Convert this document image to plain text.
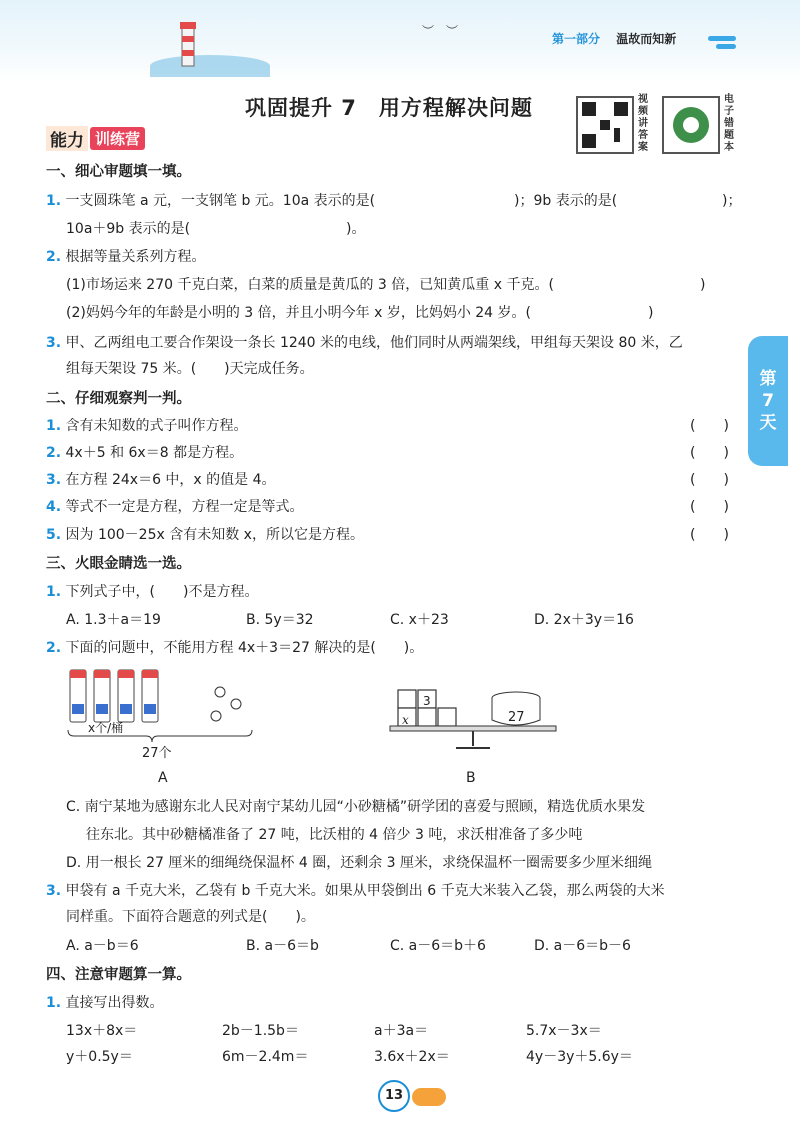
︶　︶
第一部分 温故而知新
巩固提升 7　用方程解决问题	视频讲答案
电子错题本
能力 训练营
一、细心审题填一填。
1. 一支圆珠笔 a 元，一支钢笔 b 元。10a 表示的是(	)；9b 表示的是(	)；
10a＋9b 表示的是(	)。
2. 根据等量关系列方程。
(1)市场运来 270 千克白菜，白菜的质量是黄瓜的 3 倍，已知黄瓜重 x 千克。(	)
(2)妈妈今年的年龄是小明的 3 倍，并且小明今年 x 岁，比妈妈小 24 岁。(	)
3. 甲、乙两组电工要合作架设一条长 1240 米的电线，他们同时从两端架线，甲组每天架设 80 米，乙
组每天架设 75 米。(　　)天完成任务。	第
7
天
二、仔细观察判一判。
1. 含有未知数的式子叫作方程。	(　　)
2. 4x＋5 和 6x＝8 都是方程。	(　　)
3. 在方程 24x＝6 中，x 的值是 4。	(　　)
4. 等式不一定是方程，方程一定是等式。	(　　)
5. 因为 100－25x 含有未知数 x，所以它是方程。	(　　)
三、火眼金睛选一选。
1. 下列式子中，(　　)不是方程。
A. 1.3＋a＝19	B. 5y＝32	C. x＋23	D. 2x＋3y＝16
2. 下面的问题中，不能用方程 4x＋3＝27 解决的是(　　)。
x个/桶
27个
A
x
3
27
B
C. 南宁某地为感谢东北人民对南宁某幼儿园“小砂糖橘”研学团的喜爱与照顾，精选优质水果发
往东北。其中砂糖橘准备了 27 吨，比沃柑的 4 倍少 3 吨，求沃柑准备了多少吨
D. 用一根长 27 厘米的细绳绕保温杯 4 圈，还剩余 3 厘米，求绕保温杯一圈需要多少厘米细绳
3. 甲袋有 a 千克大米，乙袋有 b 千克大米。如果从甲袋倒出 6 千克大米装入乙袋，那么两袋的大米
同样重。下面符合题意的列式是(　　)。
A. a－b＝6	B. a－6＝b	C. a－6＝b＋6	D. a－6＝b－6
四、注意审题算一算。
1. 直接写出得数。
13x＋8x＝	2b－1.5b＝	a＋3a＝	5.7x－3x＝
y＋0.5y＝	6m－2.4m＝	3.6x＋2x＝	4y－3y＋5.6y＝
13
